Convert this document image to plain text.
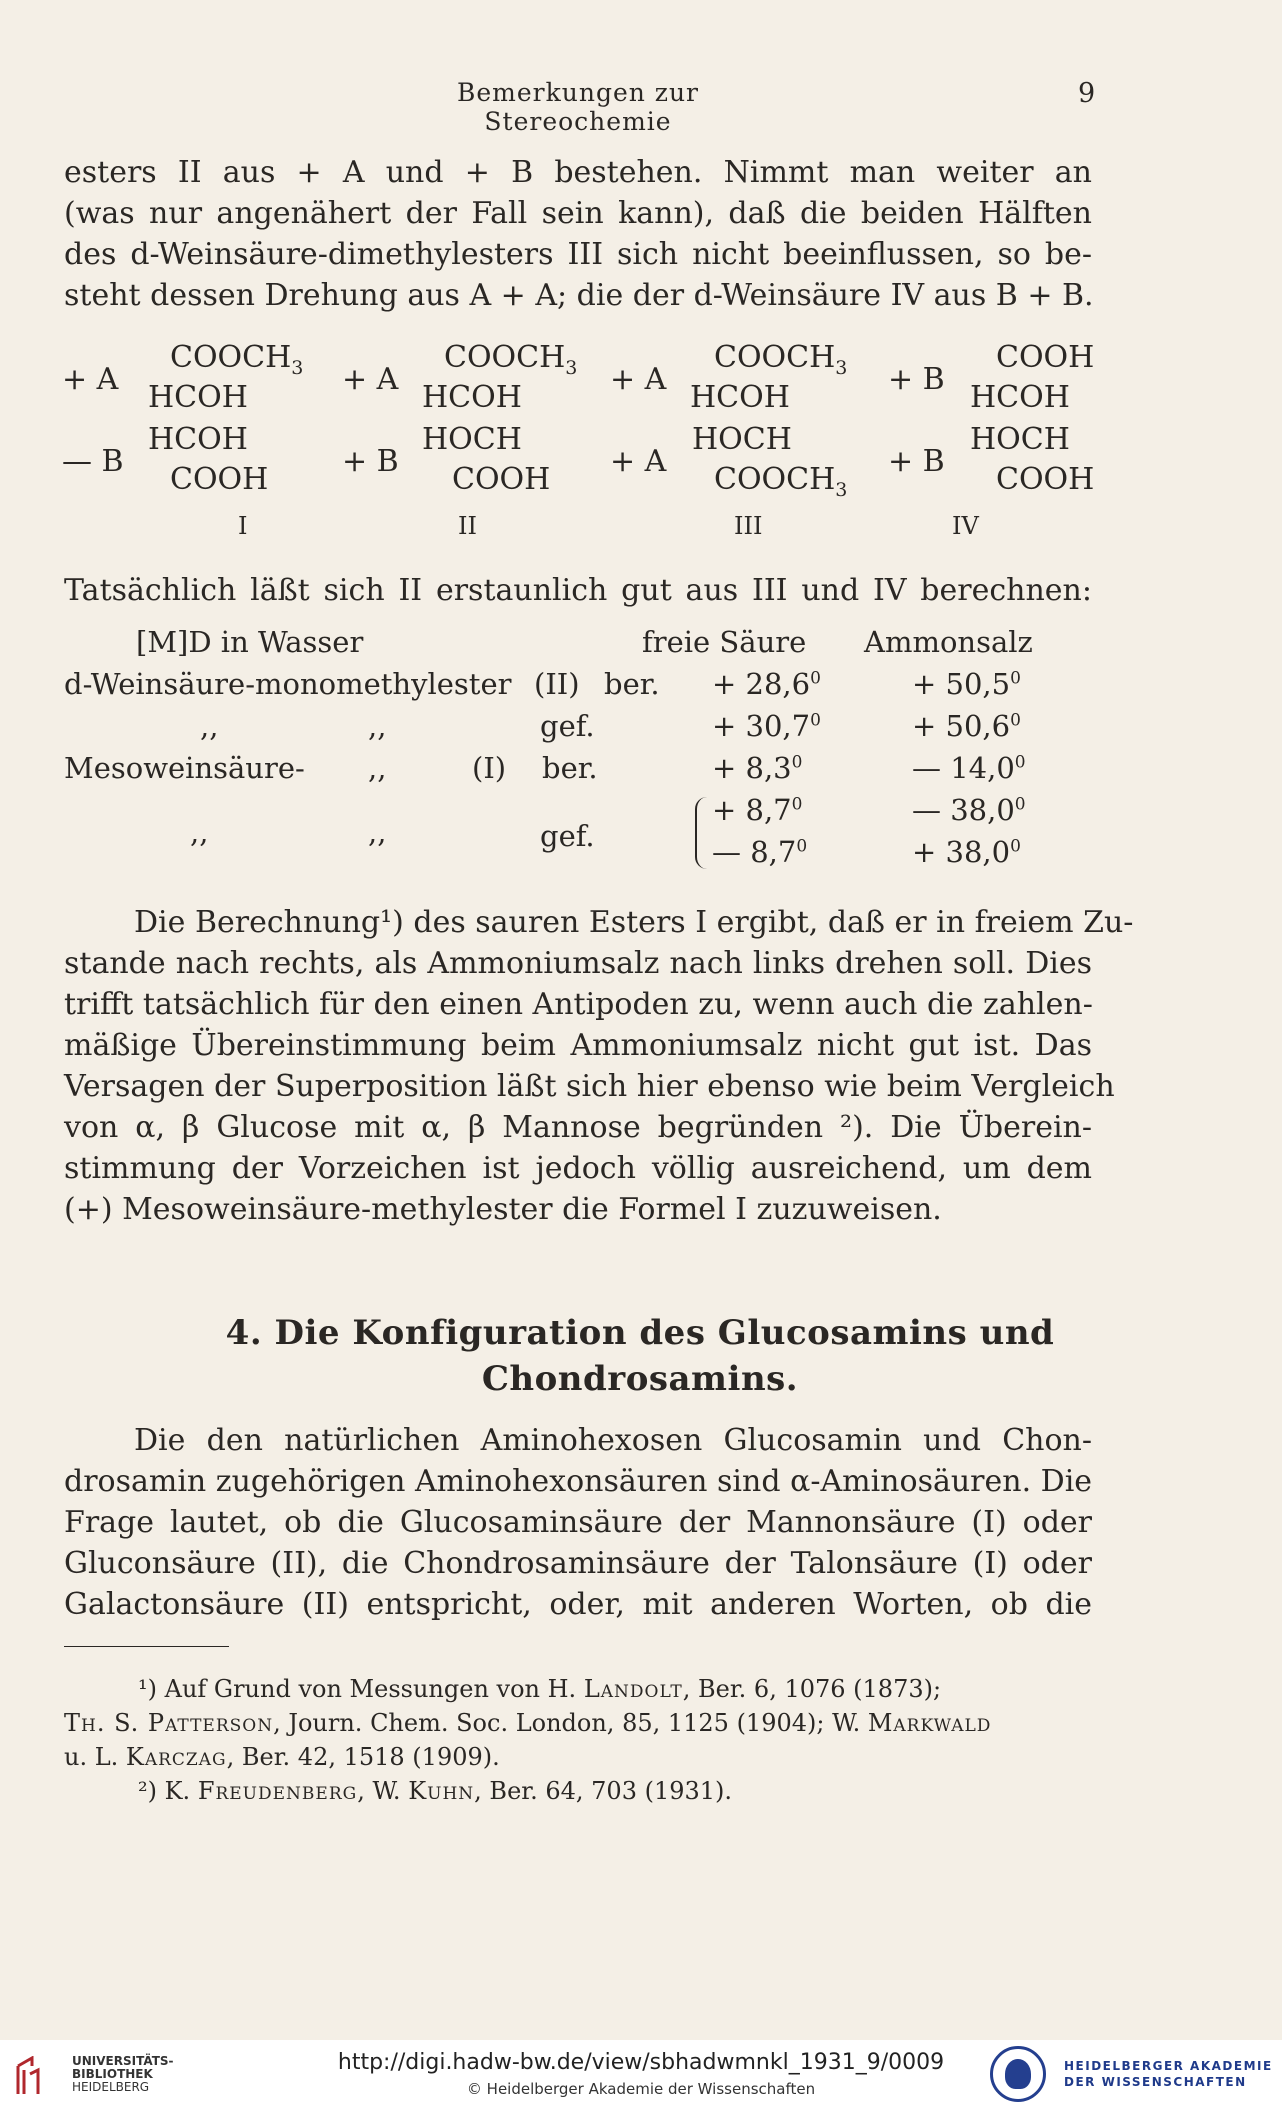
Bemerkungen zur Stereochemie
9

esters II aus + A und + B bestehen. Nimmt man weiter an
(was nur angenähert der Fall sein kann), daß die beiden Hälften
des d-Weinsäure-dimethylesters III sich nicht beeinflussen, so be-
steht dessen Drehung aus A + A; die der d-Weinsäure IV aus B + B.

+ A
— B
$COOCH_3$
HCOH
HCOH
COOH
I
+ A
+ B
$COOCH_3$
HCOH
HOCH
COOH
II
+ A
+ A
$COOCH_3$
HCOH
HOCH
$COOCH_3$
III
+ B
+ B
COOH
HCOH
HOCH
COOH
IV

Tatsächlich läßt sich II erstaunlich gut aus III und IV berechnen:

[M]D in Wasser	freie Säure Ammonsalz
d-Weinsäure-monomethylester (II) ber. + $28,6^0$	+ $50,5^0$
,,	,,	gef.	+ $30,7^0$	+ $50,6^0$
Mesoweinsäure- ,,	(I) ber.	+ $8,3^0$	— 14,0$^0$
,,	,,	gef.
+ $8,7^0$	— 38,0$^0$
— $8,7^0$	+ $38,0^0$

Die Berechnung¹) des sauren Esters I ergibt, daß er in freiem Zu-
stande nach rechts, als Ammoniumsalz nach links drehen soll. Dies
trifft tatsächlich für den einen Antipoden zu, wenn auch die zahlen-
mäßige Übereinstimmung beim Ammoniumsalz nicht gut ist. Das
Versagen der Superposition läßt sich hier ebenso wie beim Vergleich
von α, β Glucose mit α, β Mannose begründen ²). Die Überein-
stimmung der Vorzeichen ist jedoch völlig ausreichend, um dem
(+) Mesoweinsäure-methylester die Formel I zuzuweisen.

4. Die Konfiguration des Glucosamins und
Chondrosamins.

Die den natürlichen Aminohexosen Glucosamin und Chon-
drosamin zugehörigen Aminohexonsäuren sind α-Aminosäuren. Die
Frage lautet, ob die Glucosaminsäure der Mannonsäure (I) oder
Gluconsäure (II), die Chondrosaminsäure der Talonsäure (I) oder
Galactonsäure (II) entspricht, oder, mit anderen Worten, ob die

¹) Auf Grund von Messungen von H. Landolt, Ber. 6, 1076 (1873);
Th. S. Patterson, Journ. Chem. Soc. London, 85, 1125 (1904); W. Markwald
u. L. Karczag, Ber. 42, 1518 (1909).
²) K. Freudenberg, W. Kuhn, Ber. 64, 703 (1931).
UNIVERSITÄTS-
BIBLIOTHEK
HEIDELBERG
http://digi.hadw-bw.de/view/sbhadwmnkl_1931_9/0009
© Heidelberger Akademie der Wissenschaften
HEIDELBERGER AKADEMIE
DER WISSENSCHAFTEN
